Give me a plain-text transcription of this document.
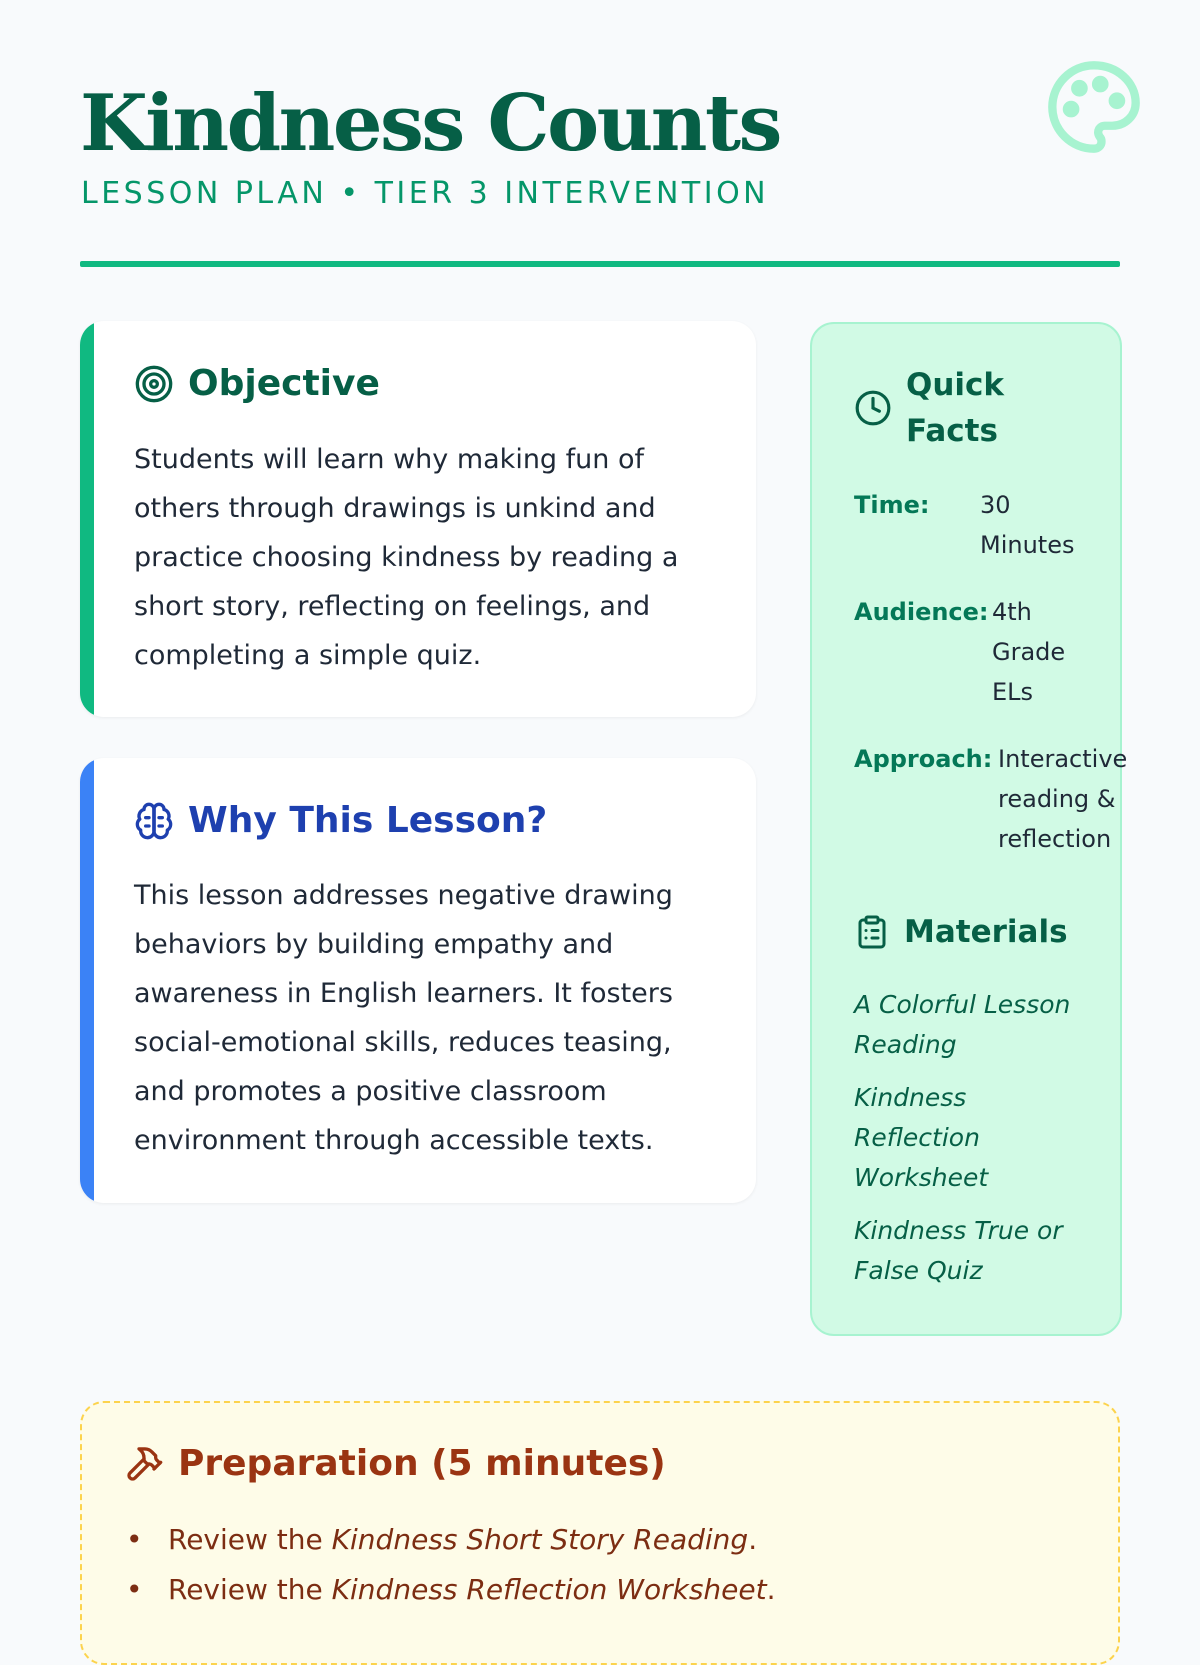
Kindness Counts
LESSON PLAN • TIER 3 INTERVENTION
Objective

Students will learn why making fun of others through drawings is unkind and practice choosing kindness by reading a short story, reflecting on feelings, and completing a simple quiz.

Why This Lesson?

This lesson addresses negative drawing behaviors by building empathy and awareness in English learners. It fosters social-emotional skills, reduces teasing, and promotes a positive classroom environment through accessible texts.

Quick
Facts
Time:	30 Minutes
Audience: 4th Grade ELs
Approach: Interactive reading & reflection
Materials
A Colorful Lesson Reading
Kindness Reflection Worksheet
Kindness True or False Quiz
Preparation (5 minutes)
• Review the Kindness Short Story Reading.
• Review the Kindness Reflection Worksheet.
